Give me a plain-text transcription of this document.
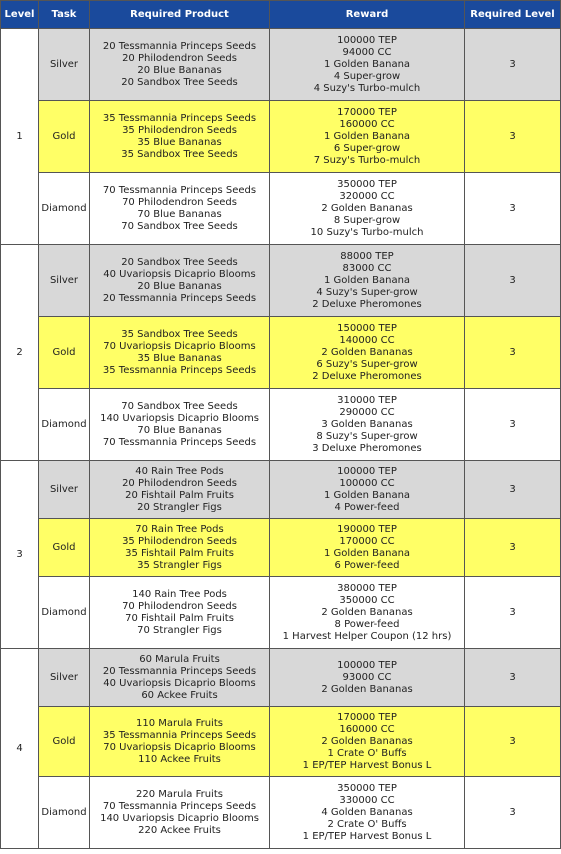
Level	Task	Required Product	Reward	Required Level
1	Silver	20 Tessmannia Princeps Seeds
20 Philodendron Seeds
20 Blue Bananas
20 Sandbox Tree Seeds	100000 TEP
94000 CC
1 Golden Banana
4 Super-grow
4 Suzy's Turbo-mulch	3
	Gold	35 Tessmannia Princeps Seeds
35 Philodendron Seeds
35 Blue Bananas
35 Sandbox Tree Seeds	170000 TEP
160000 CC
1 Golden Banana
6 Super-grow
7 Suzy's Turbo-mulch	3
	Diamond	70 Tessmannia Princeps Seeds
70 Philodendron Seeds
70 Blue Bananas
70 Sandbox Tree Seeds	350000 TEP
320000 CC
2 Golden Bananas
8 Super-grow
10 Suzy's Turbo-mulch	3
2	Silver	20 Sandbox Tree Seeds
40 Uvariopsis Dicaprio Blooms
20 Blue Bananas
20 Tessmannia Princeps Seeds	88000 TEP
83000 CC
1 Golden Banana
4 Suzy's Super-grow
2 Deluxe Pheromones	3
	Gold	35 Sandbox Tree Seeds
70 Uvariopsis Dicaprio Blooms
35 Blue Bananas
35 Tessmannia Princeps Seeds	150000 TEP
140000 CC
2 Golden Bananas
6 Suzy's Super-grow
2 Deluxe Pheromones	3
	Diamond	70 Sandbox Tree Seeds
140 Uvariopsis Dicaprio Blooms
70 Blue Bananas
70 Tessmannia Princeps Seeds	310000 TEP
290000 CC
3 Golden Bananas
8 Suzy's Super-grow
3 Deluxe Pheromones	3
3	Silver	40 Rain Tree Pods
20 Philodendron Seeds
20 Fishtail Palm Fruits
20 Strangler Figs	100000 TEP
100000 CC
1 Golden Banana
4 Power-feed	3
	Gold	70 Rain Tree Pods
35 Philodendron Seeds
35 Fishtail Palm Fruits
35 Strangler Figs	190000 TEP
170000 CC
1 Golden Banana
6 Power-feed	3
	Diamond	140 Rain Tree Pods
70 Philodendron Seeds
70 Fishtail Palm Fruits
70 Strangler Figs	380000 TEP
350000 CC
2 Golden Bananas
8 Power-feed
1 Harvest Helper Coupon (12 hrs)	3
4	Silver	60 Marula Fruits
20 Tessmannia Princeps Seeds
40 Uvariopsis Dicaprio Blooms
60 Ackee Fruits	100000 TEP
93000 CC
2 Golden Bananas	3
	Gold	110 Marula Fruits
35 Tessmannia Princeps Seeds
70 Uvariopsis Dicaprio Blooms
110 Ackee Fruits	170000 TEP
160000 CC
2 Golden Bananas
1 Crate O' Buffs
1 EP/TEP Harvest Bonus L	3
	Diamond	220 Marula Fruits
70 Tessmannia Princeps Seeds
140 Uvariopsis Dicaprio Blooms
220 Ackee Fruits	350000 TEP
330000 CC
4 Golden Bananas
2 Crate O' Buffs
1 EP/TEP Harvest Bonus L	3
